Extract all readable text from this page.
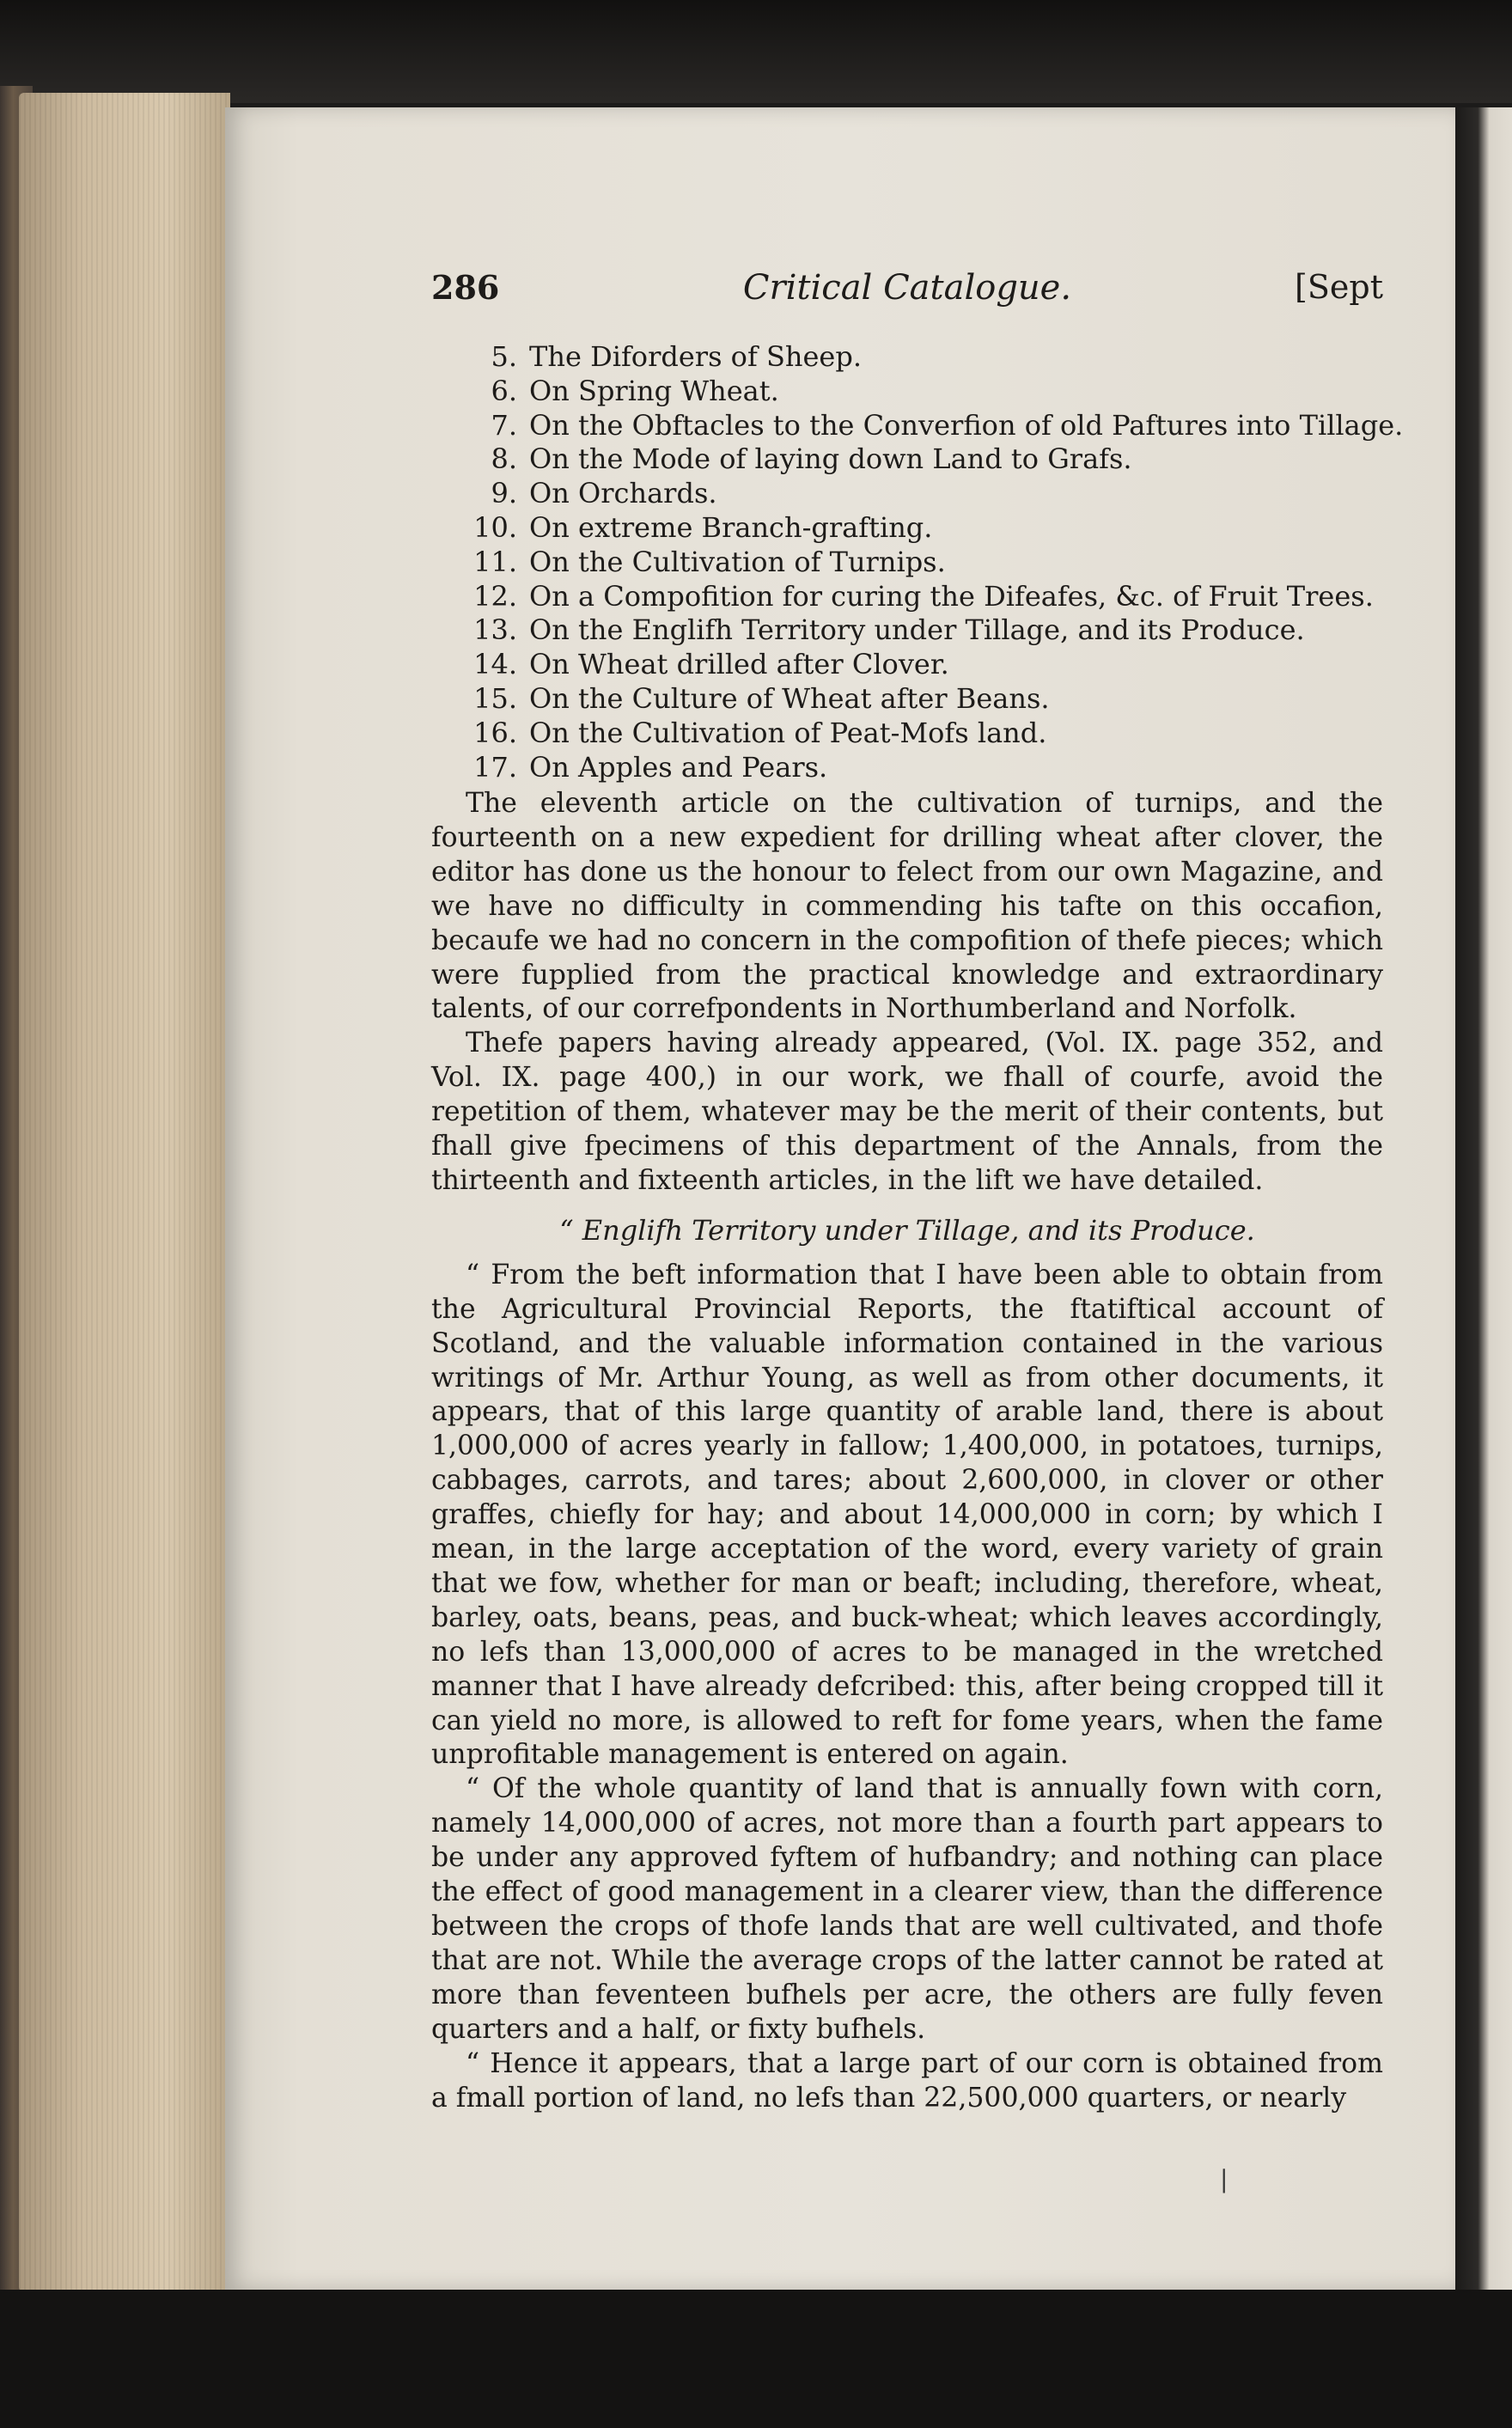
286	Critical Catalogue.	[Sept
5. The Diforders of Sheep.
6. On Spring Wheat.
7. On the Obftacles to the Converfion of old Paftures into Tillage.
8. On the Mode of laying down Land to Grafs.
9. On Orchards.
10. On extreme Branch-grafting.
11. On the Cultivation of Turnips.
12. On a Compofition for curing the Difeafes, &c. of Fruit Trees.
13. On the Englifh Territory under Tillage, and its Produce.
14. On Wheat drilled after Clover.
15. On the Culture of Wheat after Beans.
16. On the Cultivation of Peat-Mofs land.
17. On Apples and Pears.

The eleventh article on the cultivation of turnips, and the fourteenth on a new expedient for drilling wheat after clover, the editor has done us the honour to felect from our own Magazine, and we have no difficulty in commending his tafte on this occafion, becaufe we had no concern in the compofition of thefe pieces; which were fupplied from the practical knowledge and extraordinary talents, of our correfpondents in Northumberland and Norfolk.

Thefe papers having already appeared, (Vol. IX. page 352, and Vol. IX. page 400,) in our work, we fhall of courfe, avoid the repetition of them, whatever may be the merit of their contents, but fhall give fpecimens of this department of the Annals, from the thirteenth and fixteenth articles, in the lift we have detailed.

“ Englifh Territory under Tillage, and its Produce.

“ From the beft information that I have been able to obtain from the Agricultural Provincial Reports, the ftatiftical account of Scotland, and the valuable information contained in the various writings of Mr. Arthur Young, as well as from other documents, it appears, that of this large quantity of arable land, there is about 1,000,000 of acres yearly in fallow; 1,400,000, in potatoes, turnips, cabbages, carrots, and tares; about 2,600,000, in clover or other graffes, chiefly for hay; and about 14,000,000 in corn; by which I mean, in the large acceptation of the word, every variety of grain that we fow, whether for man or beaft; including, therefore, wheat, barley, oats, beans, peas, and buck-wheat; which leaves accordingly, no lefs than 13,000,000 of acres to be managed in the wretched manner that I have already defcribed: this, after being cropped till it can yield no more, is allowed to reft for fome years, when the fame unprofitable management is entered on again.

“ Of the whole quantity of land that is annually fown with corn, namely 14,000,000 of acres, not more than a fourth part appears to be under any approved fyftem of hufbandry; and nothing can place the effect of good management in a clearer view, than the difference between the crops of thofe lands that are well cultivated, and thofe that are not. While the average crops of the latter cannot be rated at more than feventeen bufhels per acre, the others are fully feven quarters and a half, or fixty bufhels.

“ Hence it appears, that a large part of our corn is obtained from a fmall portion of land, no lefs than 22,500,000 quarters, or nearly

|
